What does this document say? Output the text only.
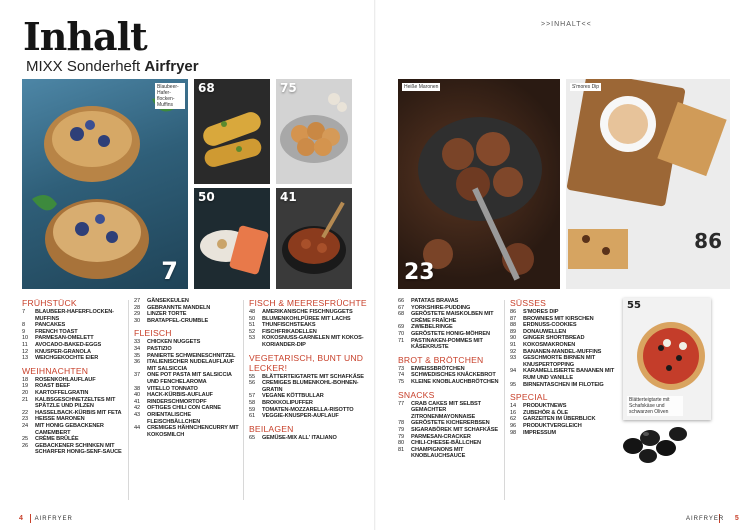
Inhalt
MIXX Sonderheft Airfryer
>>INHALT<<
Blaubeer-Hafer-flocken-Muffins
7
68	75
50	41
Heiße Maronen
23
S'mores Dip
86
55
Blätterteigtarte mit Schafskäse und schwarzen Oliven
FRÜHSTÜCK
7	BLAUBEER-HAFERFLOCKEN-MUFFINS
8	PANCAKES
9	FRENCH TOAST
10	PARMESAN-OMELETT
11	AVOCADO-BAKED-EGGS
12	KNUSPER-GRANOLA
13	WEICHGEKOCHTE EIER
WEIHNACHTEN
18	ROSENKOHLAUFLAUF
19	ROAST BEEF
20	KARTOFFELGRATIN
21	KALBSGESCHNETZELTES MIT SPÄTZLE UND PILZEN
22	HASSELBACK-KÜRBIS MIT FETA
23	HEISSE MARONEN
24	MIT HONIG GEBACKENER CAMEMBERT
25	CRÈME BRÛLÉE
26	GEBACKENER SCHINKEN MIT SCHARFER HONIG-SENF-SAUCE
27	GÄNSEKEULEN
28	GEBRANNTE MANDELN
29	LINZER TORTE
30	BRATAPFEL-CRUMBLE
FLEISCH
33	CHICKEN NUGGETS
34	PASTIZIO
35	PANIERTE SCHWEINESCHNITZEL
36	ITALIENISCHER NUDELAUFLAUF MIT SALSICCIA
37	ONE POT PASTA MIT SALSICCIA UND FENCHELAROMA
38	VITELLO TONNATO
40	HACK-KÜRBIS-AUFLAUF
41	RINDERSCHMORTOPF
42	OFTIGES CHILI CON CARNE
43	ORIENTALISCHE FLEISCHBÄLLCHEN
44	CREMIGES HÄHNCHENCURRY MIT KOKOSMILCH
FISCH & MEERESFRÜCHTE
48	AMERIKANISCHE FISCHNUGGETS
50	BLUMENKOHLPÜREE MIT LACHS
51	THUNFISCHSTEAKS
52	FISCHFRIKADELLEN
53	KOKOSNUSS-GARNELEN MIT KOKOS-KORIANDER-DIP
VEGETARISCH, BUNT UND LECKER!
55	BLÄTTERTEIGTARTE MIT SCHAFKÄSE
56	CREMIGES BLUMENKOHL-BOHNEN-GRATIN
57	VEGANE KÖTTBULLAR
58	BROKKOLIPUFFER
59	TOMATEN-MOZZARELLA-RISOTTO
61	VEGGIE-KNUSPER-AUFLAUF
BEILAGEN
65	GEMÜSE-MIX ALL' ITALIANO
66	PATATAS BRAVAS
67	YORKSHIRE-PUDDING
68	GERÖSTETE MAISKOLBEN MIT CRÈME FRAÎCHE
69	ZWIEBELRINGE
70	GERÖSTETE HONIG-MÖHREN
71	PASTINAKEN-POMMES MIT KÄSEKRUSTE
BROT & BRÖTCHEN
73	EIWEISSBRÖTCHEN
74	SCHWEDISCHES KNÄCKEBROT
75	KLEINE KNOBLAUCHBRÖTCHEN
SNACKS
77	CRAB CAKES MIT SELBST GEMACHTER ZITRONENMAYONNAISE
78	GERÖSTETE KICHERERBSEN
79	SIGARABÖREK MIT SCHAFKÄSE
79	PARMESAN-CRACKER
80	CHILI-CHEESE-BÄLLCHEN
81	CHAMPIGNONS MIT KNOBLAUCHSAUCE
SÜSSES
86	S'MORES DIP
87	BROWNIES MIT KIRSCHEN
88	ERDNUSS-COOKIES
89	DONAUWELLEN
90	GINGER SHORTBREAD
91	KOKOSMAKRONEN
92	BANANEN-MANDEL-MUFFINS
93	GESCHMORTE BIRNEN MIT KNUSPERTOPPING
94	KARAMELLISIERTE BANANEN MIT RUM UND VANILLE
95	BIRNENTASCHEN IM FILOTEIG
SPECIAL
14	PRODUKTNEWS
16	ZUBEHÖR & ÖLE
62	GARZEITEN IM ÜBERBLICK
96	PRODUKTVERGLEICH
98	IMPRESSUM
4 AIRFRYER	AIRFRYER 5
